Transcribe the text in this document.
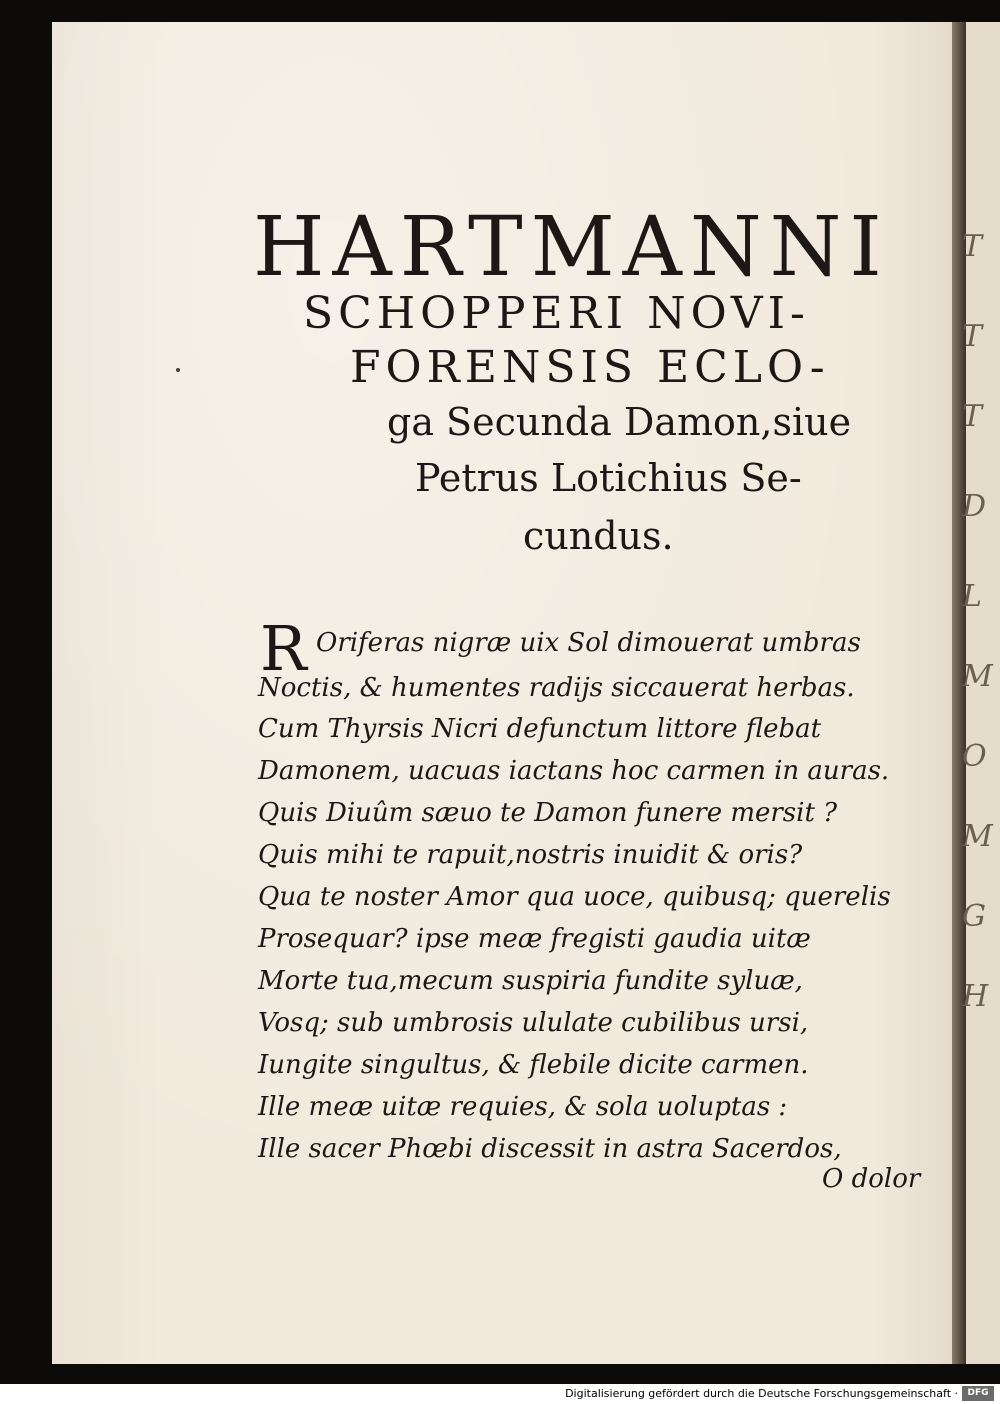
T
T
T
D
L
M
O
M
G
H
HARTMANNI
SCHOPPERI NOVI-
FORENSIS ECLO-
ga Secunda Damon,siue
Petrus Lotichius Se-
cundus.
R Oriferas nigræ uix Sol dimouerat umbras
Noctis, & humentes radijs siccauerat herbas.
Cum Thyrsis Nicri defunctum littore flebat
Damonem, uacuas iactans hoc carmen in auras.
Quis Diuûm sæuo te Damon funere mersit ?
Quis mihi te rapuit,nostris inuidit & oris?
Qua te noster Amor qua uoce, quibusq; querelis
Prosequar? ipse meæ fregisti gaudia uitæ
Morte tua,mecum suspiria fundite syluæ,
Vosq; sub umbrosis ululate cubilibus ursi,
Iungite singultus, & flebile dicite carmen.
Ille meæ uitæ requies, & sola uoluptas :
Ille sacer Phœbi discessit in astra Sacerdos,
O dolor
Digitalisierung gefördert durch die Deutsche Forschungsgemeinschaft ·	DFG
